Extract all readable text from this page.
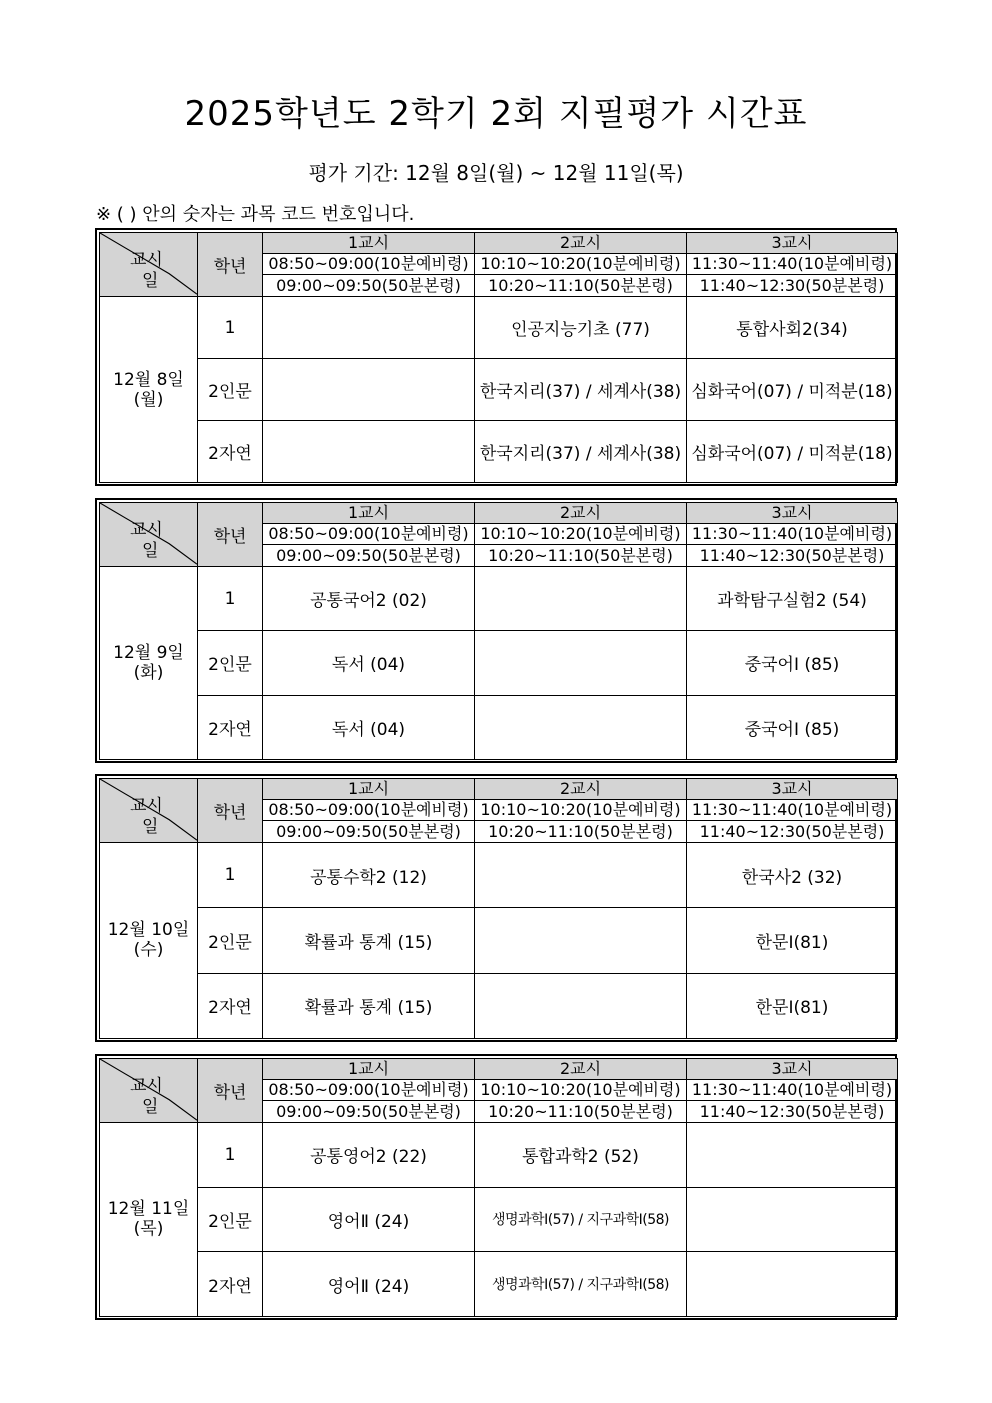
2025학년도 2학기 2회 지필평가 시간표
평가 기간: 12월 8일(월) ~ 12월 11일(목)
※ ( ) 안의 숫자는 과목 코드 번호입니다.
교시
일	학년	1교시	2교시	3교시
		08:50~09:00(10분예비령)	10:10~10:20(10분예비령)	11:30~11:40(10분예비령)
		09:00~09:50(50분본령)	10:20~11:10(50분본령)	11:40~12:30(50분본령)

12월 8일
(월)	1		인공지능기초 (77)	통합사회2(34)
	2인문		한국지리(37) / 세계사(38)	심화국어(07) / 미적분(18)
	2자연		한국지리(37) / 세계사(38)	심화국어(07) / 미적분(18)
교시
일	학년	1교시	2교시	3교시
		08:50~09:00(10분예비령)	10:10~10:20(10분예비령)	11:30~11:40(10분예비령)
		09:00~09:50(50분본령)	10:20~11:10(50분본령)	11:40~12:30(50분본령)

12월 9일
(화)	1	공통국어2 (02)		과학탐구실험2 (54)
	2인문	독서 (04)		중국어Ⅰ (85)
	2자연	독서 (04)		중국어Ⅰ (85)
교시
일	학년	1교시	2교시	3교시
		08:50~09:00(10분예비령)	10:10~10:20(10분예비령)	11:30~11:40(10분예비령)
		09:00~09:50(50분본령)	10:20~11:10(50분본령)	11:40~12:30(50분본령)

12월 10일
(수)	1	공통수학2 (12)		한국사2 (32)
	2인문	확률과 통계 (15)		한문Ⅰ(81)
	2자연	확률과 통계 (15)		한문Ⅰ(81)
교시
일	학년	1교시	2교시	3교시
		08:50~09:00(10분예비령)	10:10~10:20(10분예비령)	11:30~11:40(10분예비령)
		09:00~09:50(50분본령)	10:20~11:10(50분본령)	11:40~12:30(50분본령)

12월 11일
(목)	1	공통영어2 (22)	통합과학2 (52)	
	2인문	영어Ⅱ (24)	생명과학Ⅰ(57) / 지구과학Ⅰ(58)	
	2자연	영어Ⅱ (24)	생명과학Ⅰ(57) / 지구과학Ⅰ(58)	
